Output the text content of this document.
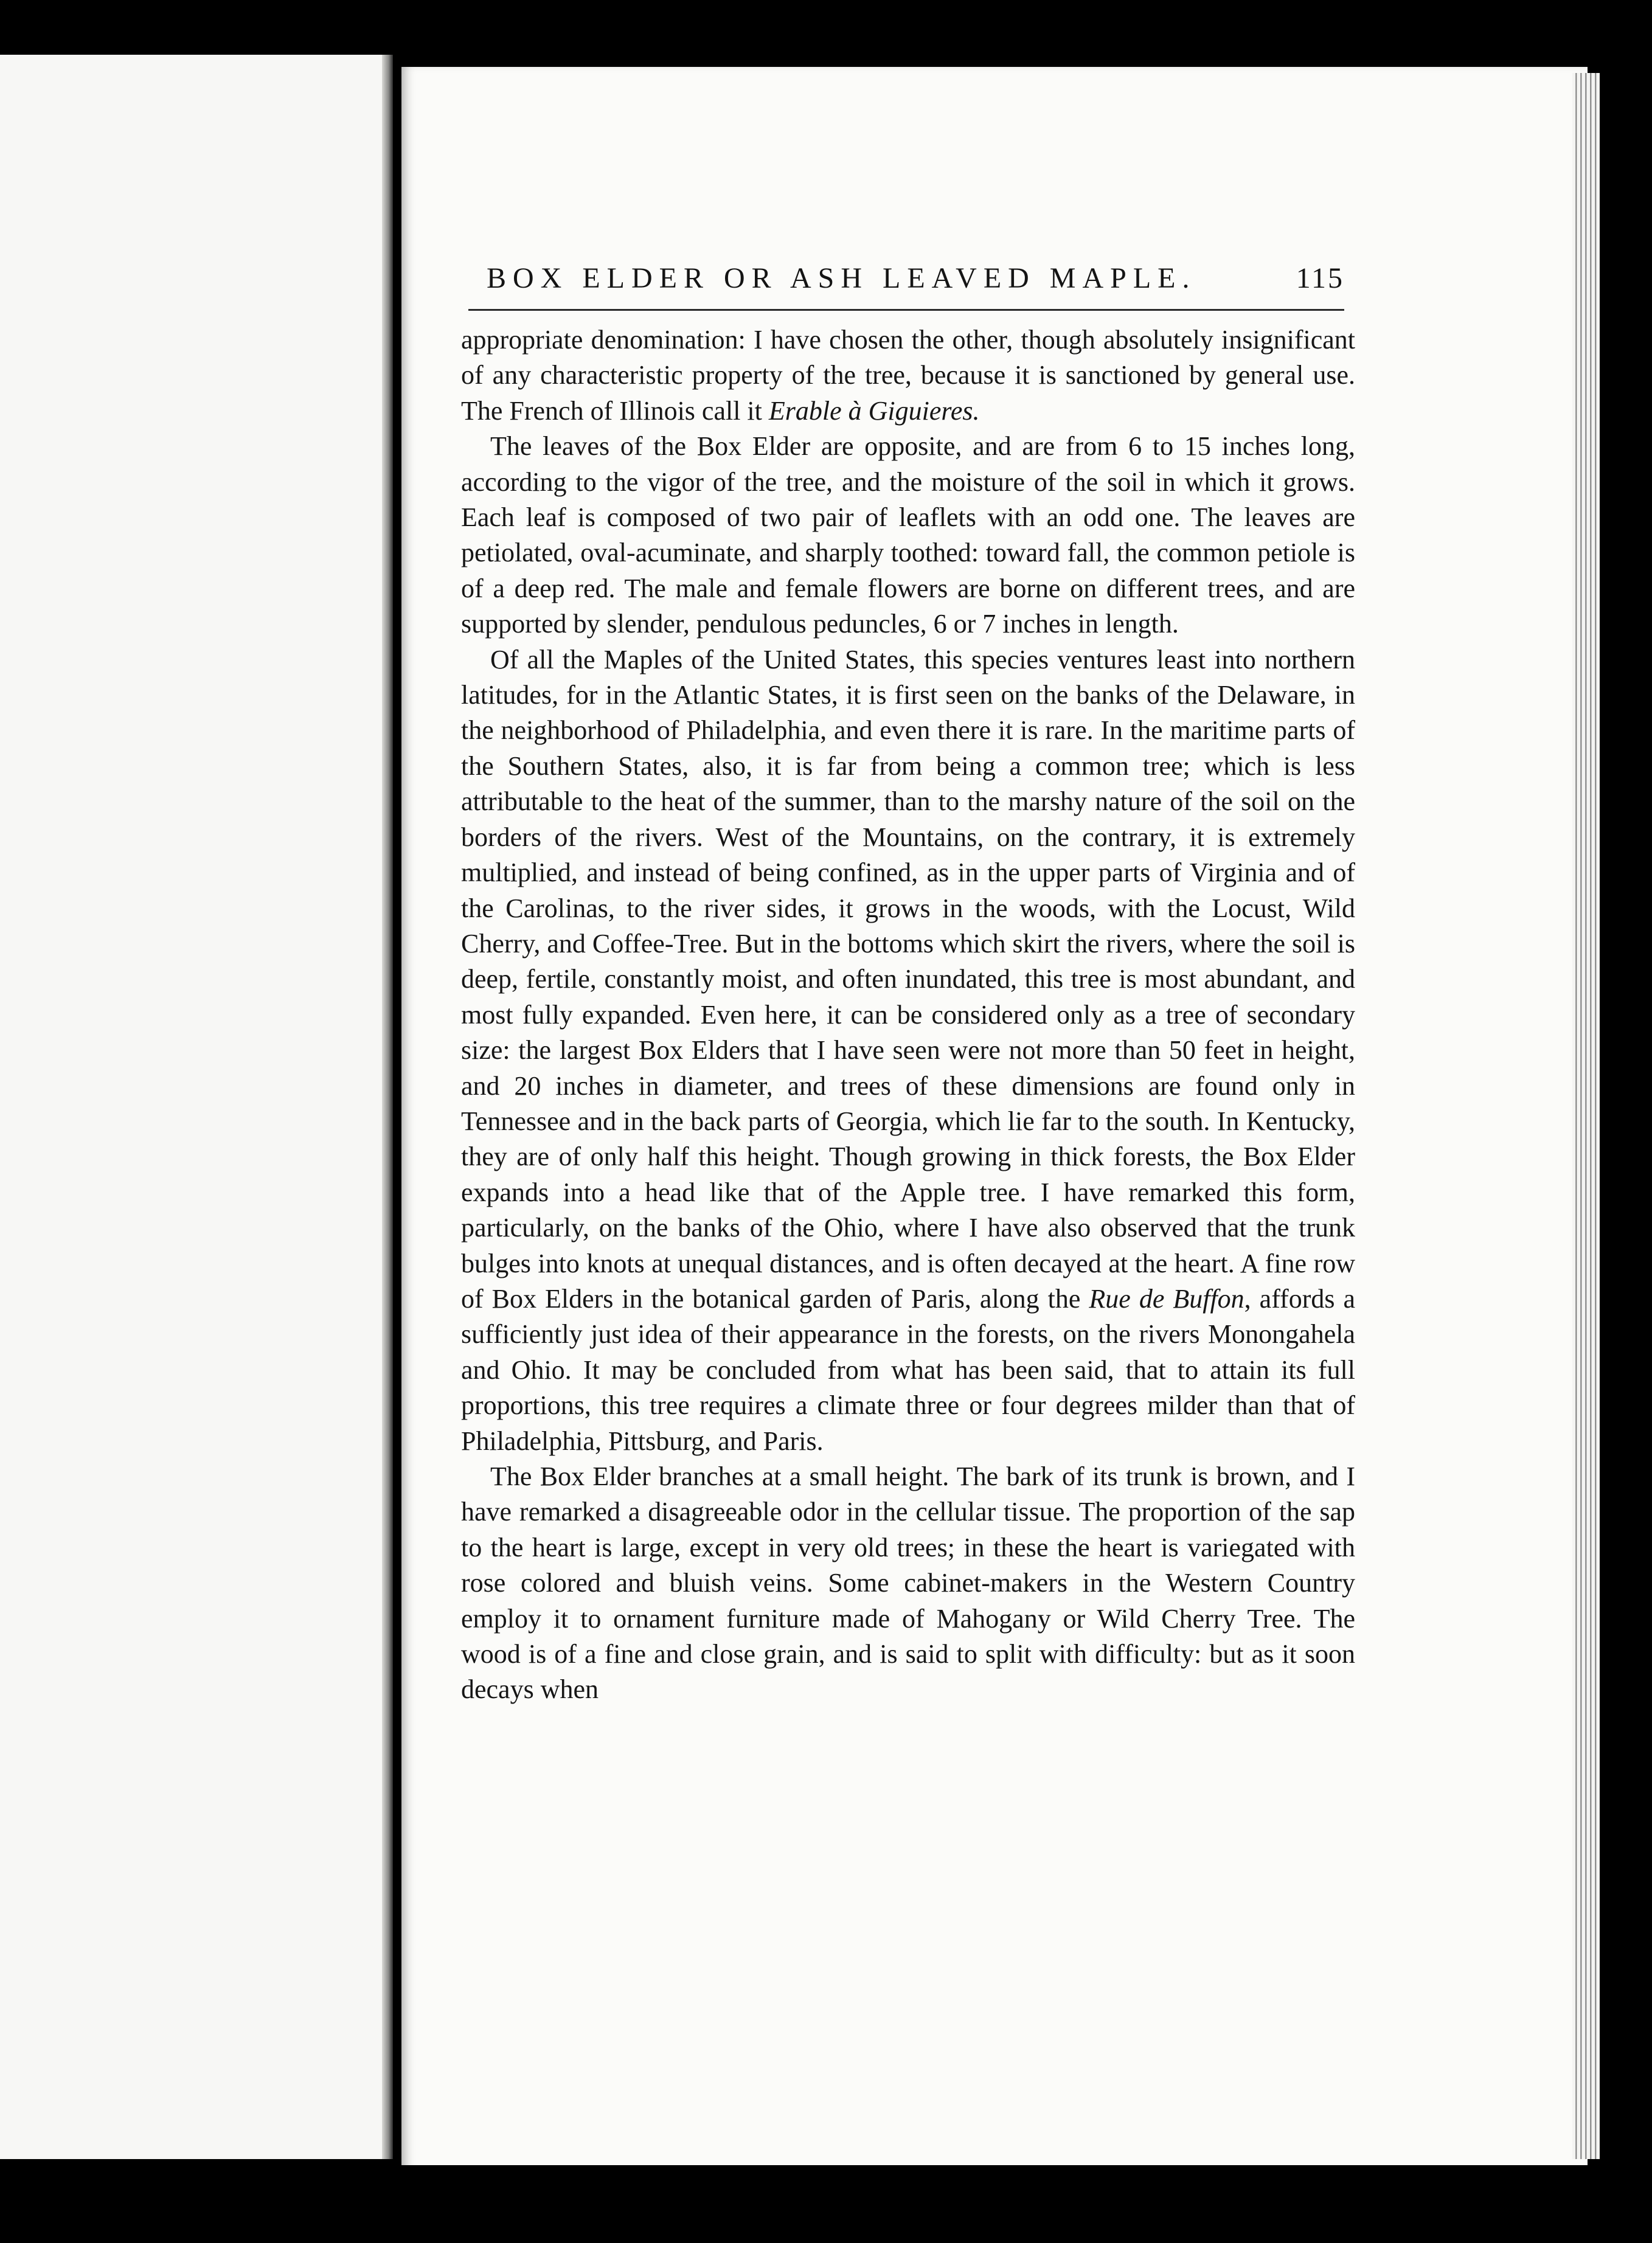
BOX ELDER OR ASH LEAVED MAPLE.	115

appropriate denomination: I have chosen the other, though absolutely insignificant of any characteristic property of the tree, because it is sanctioned by general use. The French of Illinois call it Erable à Giguieres.

The leaves of the Box Elder are opposite, and are from 6 to 15 inches long, according to the vigor of the tree, and the moisture of the soil in which it grows. Each leaf is composed of two pair of leaflets with an odd one. The leaves are petiolated, oval-acuminate, and sharply toothed: toward fall, the common petiole is of a deep red. The male and female flowers are borne on different trees, and are supported by slender, pendulous peduncles, 6 or 7 inches in length.

Of all the Maples of the United States, this species ventures least into northern latitudes, for in the Atlantic States, it is first seen on the banks of the Delaware, in the neighborhood of Philadelphia, and even there it is rare. In the maritime parts of the Southern States, also, it is far from being a common tree; which is less attributable to the heat of the summer, than to the marshy nature of the soil on the borders of the rivers. West of the Mountains, on the contrary, it is extremely multiplied, and instead of being confined, as in the upper parts of Virginia and of the Carolinas, to the river sides, it grows in the woods, with the Locust, Wild Cherry, and Coffee-Tree. But in the bottoms which skirt the rivers, where the soil is deep, fertile, constantly moist, and often inundated, this tree is most abundant, and most fully expanded. Even here, it can be considered only as a tree of secondary size: the largest Box Elders that I have seen were not more than 50 feet in height, and 20 inches in diameter, and trees of these dimensions are found only in Tennessee and in the back parts of Georgia, which lie far to the south. In Kentucky, they are of only half this height. Though growing in thick forests, the Box Elder expands into a head like that of the Apple tree. I have remarked this form, particularly, on the banks of the Ohio, where I have also observed that the trunk bulges into knots at unequal distances, and is often decayed at the heart. A fine row of Box Elders in the botanical garden of Paris, along the Rue de Buffon, affords a sufficiently just idea of their appearance in the forests, on the rivers Monongahela and Ohio. It may be concluded from what has been said, that to attain its full proportions, this tree requires a climate three or four degrees milder than that of Philadelphia, Pittsburg, and Paris.

The Box Elder branches at a small height. The bark of its trunk is brown, and I have remarked a disagreeable odor in the cellular tissue. The proportion of the sap to the heart is large, except in very old trees; in these the heart is variegated with rose colored and bluish veins. Some cabinet-makers in the Western Country employ it to ornament furniture made of Mahogany or Wild Cherry Tree. The wood is of a fine and close grain, and is said to split with difficulty: but as it soon decays when
